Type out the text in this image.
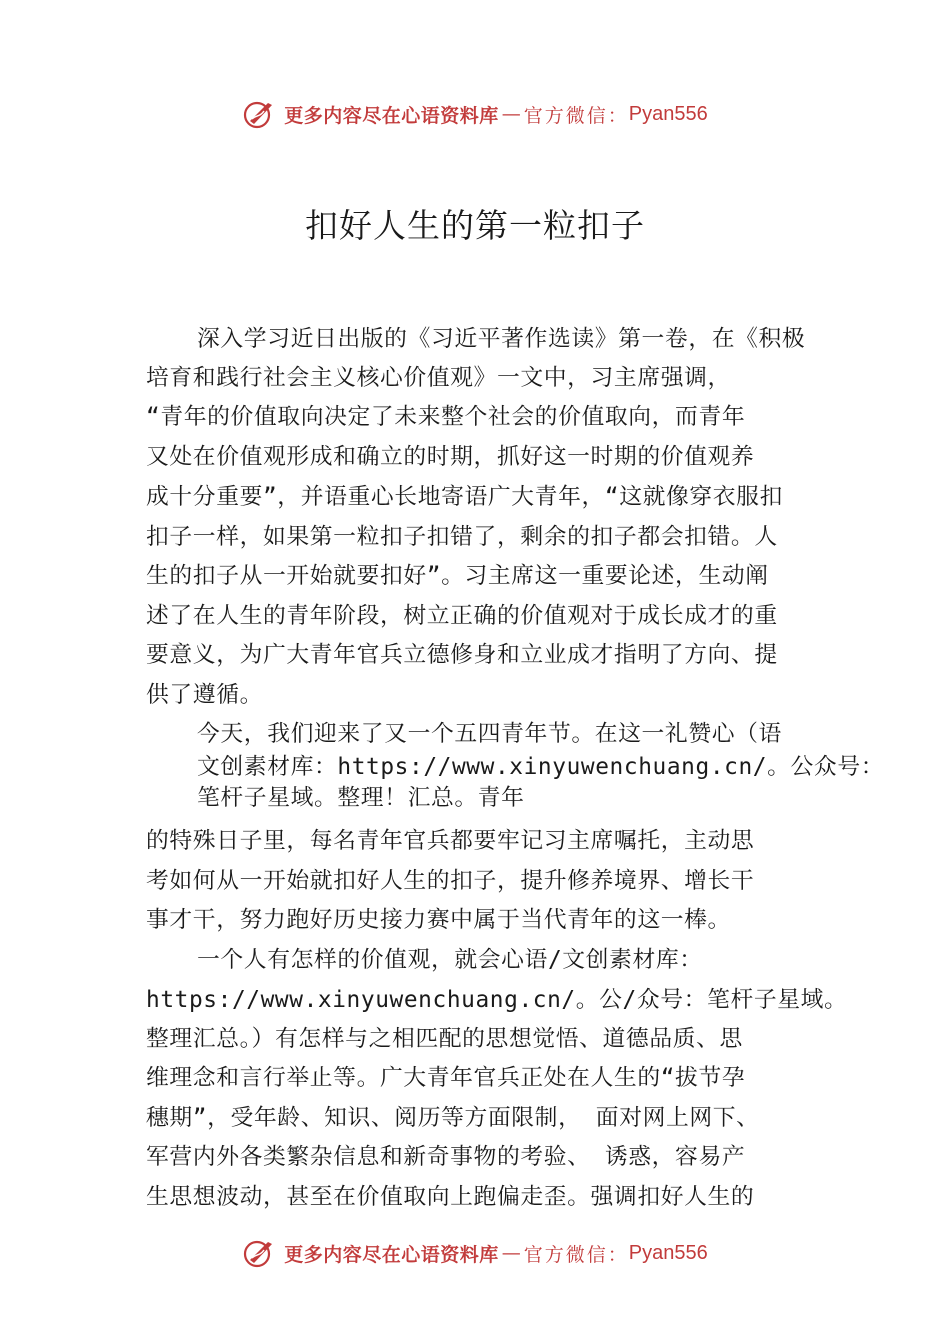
更多内容尽在心语资料库 — 官方微信： Pyan556
扣好人生的第一粒扣子
深入学习近日出版的《习近平著作选读》第一卷，在《积极
培育和践行社会主义核心价值观》一文中，习主席强调，
“青年的价值取向决定了未来整个社会的价值取向，而青年
又处在价值观形成和确立的时期，抓好这一时期的价值观养
成十分重要”，并语重心长地寄语广大青年，“这就像穿衣服扣
扣子一样，如果第一粒扣子扣错了，剩余的扣子都会扣错。人
生的扣子从一开始就要扣好”。习主席这一重要论述，生动阐
述了在人生的青年阶段，树立正确的价值观对于成长成才的重
要意义，为广大青年官兵立德修身和立业成才指明了方向、提
供了遵循。
今天，我们迎来了又一个五四青年节。在这一礼赞心（语
文创素材库：https://www.xinyuwenchuang.cn/。公众号：
笔杆子星域。整理！汇总。青年
的特殊日子里，每名青年官兵都要牢记习主席嘱托，主动思
考如何从一开始就扣好人生的扣子，提升修养境界、增长干
事才干，努力跑好历史接力赛中属于当代青年的这一棒。
一个人有怎样的价值观，就会心语/文创素材库：
https://www.xinyuwenchuang.cn/。公/众号：笔杆子星域。
整理汇总。）有怎样与之相匹配的思想觉悟、道德品质、思
维理念和言行举止等。广大青年官兵正处在人生的“拔节孕
穗期”，受年龄、知识、阅历等方面限制， 面对网上网下、
军营内外各类繁杂信息和新奇事物的考验、 诱惑，容易产
生思想波动，甚至在价值取向上跑偏走歪。强调扣好人生的
更多内容尽在心语资料库 — 官方微信： Pyan556
